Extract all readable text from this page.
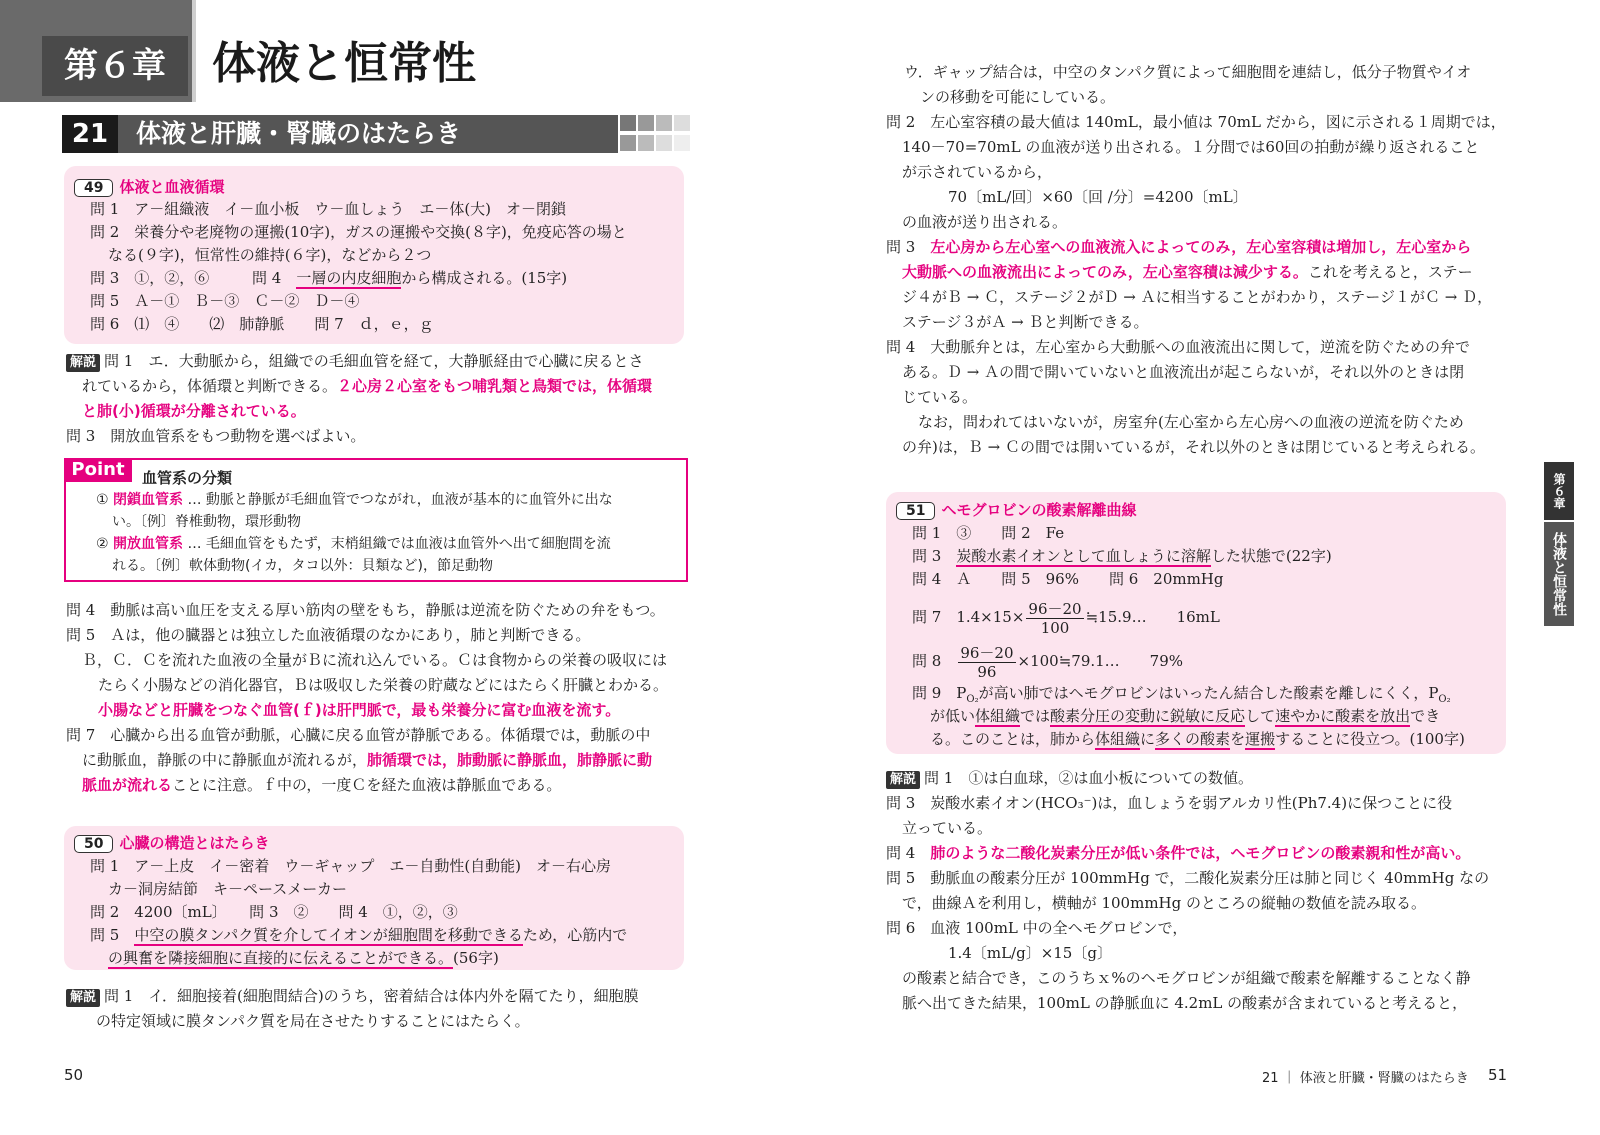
第６章	体液と恒常性
21	体液と肝臓・腎臓のはたらき
49 体液と血液循環
問 1　ア－組織液　イ－血小板　ウ－血しょう　エ－体(大)　オ－閉鎖
問 2　栄養分や老廃物の運搬(10字)，ガスの運搬や交換(８字)，免疫応答の場と
なる(９字)，恒常性の維持(６字)，などから２つ
問 3　①，②，⑥	問 4　 一層の内皮細胞から構成される。(15字)
問 5　Ａ－①　Ｂ－③　Ｃ－②　Ｄ－④
問 6　⑴　④　　⑵　肺静脈　　問 7　ｄ，ｅ，ｇ
解説 問 1　エ．大動脈から，組織での毛細血管を経て，大静脈経由で心臓に戻るとさ
れているから，体循環と判断できる。２心房２心室をもつ哺乳類と鳥類では，体循環
と肺(小)循環が分離されている。
問 3　開放血管系をもつ動物を選べばよい。
Point	血管系の分類
① 閉鎖血管系 … 動脈と静脈が毛細血管でつながれ，血液が基本的に血管外に出な
い。〔例〕脊椎動物，環形動物
② 開放血管系 … 毛細血管をもたず，末梢組織では血液は血管外へ出て細胞間を流
れる。〔例〕軟体動物(イカ，タコ以外：貝類など)，節足動物
問 4　動脈は高い血圧を支える厚い筋肉の壁をもち，静脈は逆流を防ぐための弁をもつ。
問 5　Ａは，他の臓器とは独立した血液循環のなかにあり，肺と判断できる。
Ｂ，Ｃ．Ｃを流れた血液の全量がＢに流れ込んでいる。Ｃは食物からの栄養の吸収には
たらく小腸などの消化器官，Ｂは吸収した栄養の貯蔵などにはたらく肝臓とわかる。
小腸などと肝臓をつなぐ血管(ｆ)は肝門脈で，最も栄養分に富む血液を流す。
問 7　心臓から出る血管が動脈，心臓に戻る血管が静脈である。体循環では，動脈の中
に動脈血，静脈の中に静脈血が流れるが，肺循環では，肺動脈に静脈血，肺静脈に動
脈血が流れることに注意。ｆ中の，一度Ｃを経た血液は静脈血である。
50 心臓の構造とはたらき
問 1　ア－上皮　イ－密着　ウ－ギャップ　エ－自動性(自動能)　オ－右心房
カ－洞房結節　キ－ペースメーカー
問 2　4200〔mL〕　　問 3　②　　問 4　①，②，③
問 5　 中空の膜タンパク質を介してイオンが細胞間を移動できるため，心筋内で
の興奮を隣接細胞に直接的に伝えることができる。(56字)
解説 問 1　イ．細胞接着(細胞間結合)のうち，密着結合は体内外を隔てたり，細胞膜
の特定領域に膜タンパク質を局在させたりすることにはたらく。
50
ウ．ギャップ結合は，中空のタンパク質によって細胞間を連結し，低分子物質やイオ
ンの移動を可能にしている。
問 2　左心室容積の最大値は 140mL，最小値は 70mL だから，図に示される１周期では，
140－70=70mL の血液が送り出される。１分間では60回の拍動が繰り返されること
が示されているから，
70〔mL/回〕×60〔回 /分〕=4200〔mL〕
の血液が送り出される。
問 3　 左心房から左心室への血液流入によってのみ，左心室容積は増加し，左心室から
大動脈への血液流出によってのみ，左心室容積は減少する。これを考えると，ステー
ジ４がＢ → Ｃ，ステージ２がＤ → Ａに相当することがわかり，ステージ１がＣ → Ｄ，
ステージ３がＡ → Ｂと判断できる。
問 4　大動脈弁とは，左心室から大動脈への血液流出に関して，逆流を防ぐための弁で
ある。Ｄ → Ａの間で開いていないと血液流出が起こらないが，それ以外のときは閉
じている。
なお，問われてはいないが，房室弁(左心室から左心房への血液の逆流を防ぐため
の弁)は，Ｂ → Ｃの間では開いているが，それ以外のときは閉じていると考えられる。
51 ヘモグロビンの酸素解離曲線
問 1　③　　問 2　Fe
問 3　 炭酸水素イオンとして血しょうに溶解した状態で(22字)
問 4　Ａ　　問 5　96%　　問 6　20mmHg
問 7　 $1.4\times 15\times \frac{96-20}{100}$ ≒15.9…　　16mL
問 8　 $\frac{96-20}{96}$ ×100≒79.1…　　79%
問 9　$P_{O_2}$が高い肺ではヘモグロビンはいったん結合した酸素を離しにくく，$P_{O_2}$
が低い体組織では酸素分圧の変動に鋭敏に反応して速やかに酸素を放出でき
る。このことは，肺から体組織に多くの酸素を運搬することに役立つ。(100字)
解説 問 1　①は白血球，②は血小板についての数値。
問 3　炭酸水素イオン(HCO₃⁻)は，血しょうを弱アルカリ性(Ph7.4)に保つことに役
立っている。
問 4　 肺のような二酸化炭素分圧が低い条件では，ヘモグロビンの酸素親和性が高い。
問 5　動脈血の酸素分圧が 100mmHg で，二酸化炭素分圧は肺と同じく 40mmHg なの
で，曲線Ａを利用し，横軸が 100mmHg のところの縦軸の数値を読み取る。
問 6　血液 100mL 中の全ヘモグロビンで，
1.4〔mL/g〕×15〔g〕
の酸素と結合でき，このうちｘ%のヘモグロビンが組織で酸素を解離することなく静
脈へ出てきた結果，100mL の静脈血に 4.2mL の酸素が含まれていると考えると，
21 ｜ 体液と肝臓・腎臓のはたらき 51
第６章
体液と恒常性
